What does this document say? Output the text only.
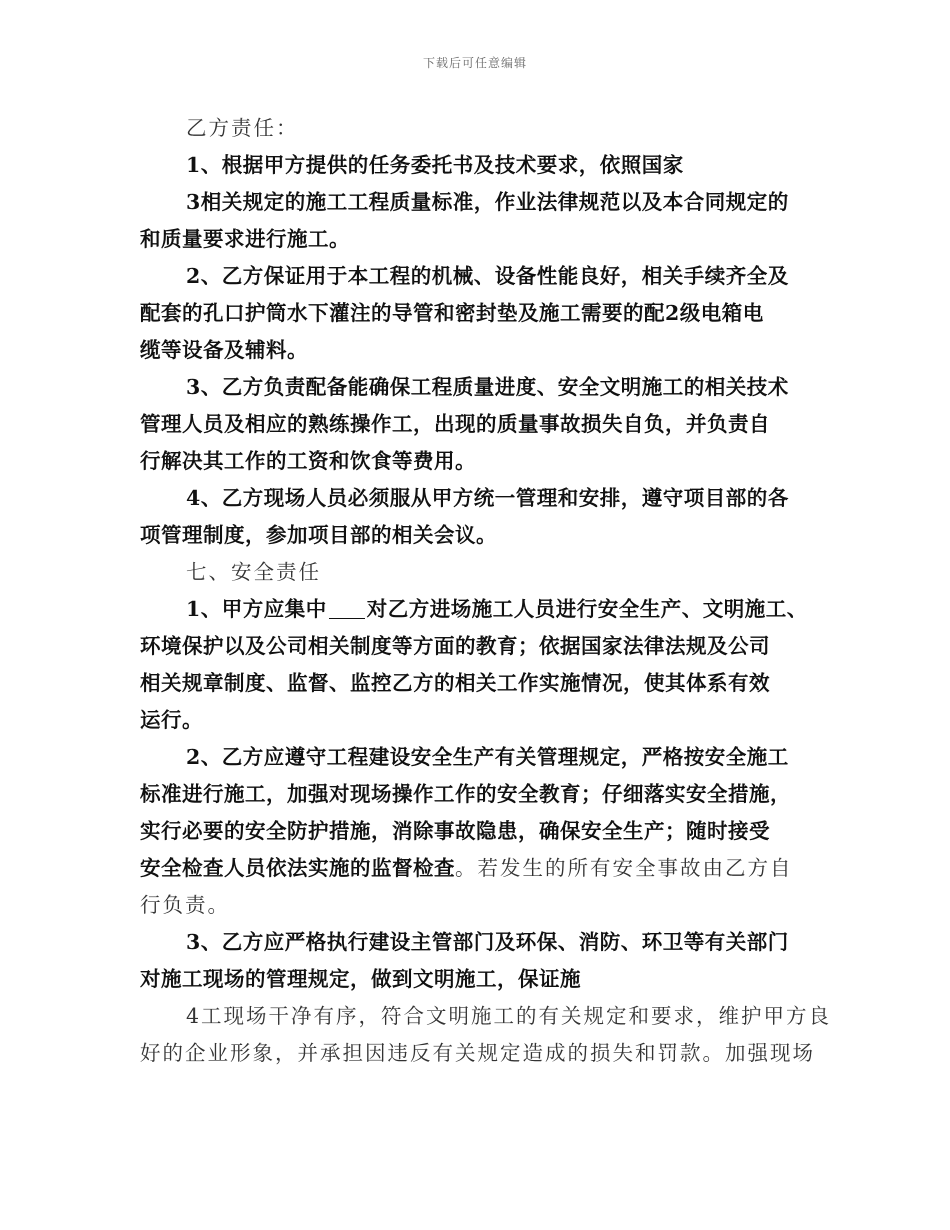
下载后可任意编辑
乙方责任：
1、根据甲方提供的任务委托书及技术要求，依照国家
3相关规定的施工工程质量标准，作业法律规范以及本合同规定的
和质量要求进行施工。
2、乙方保证用于本工程的机械、设备性能良好，相关手续齐全及
配套的孔口护筒水下灌注的导管和密封垫及施工需要的配2级电箱电
缆等设备及辅料。
3、乙方负责配备能确保工程质量进度、安全文明施工的相关技术
管理人员及相应的熟练操作工，出现的质量事故损失自负，并负责自
行解决其工作的工资和饮食等费用。
4、乙方现场人员必须服从甲方统一管理和安排，遵守项目部的各
项管理制度，参加项目部的相关会议。
七、安全责任
1、甲方应集中 对乙方进场施工人员进行安全生产、文明施工、
环境保护以及公司相关制度等方面的教育；依据国家法律法规及公司
相关规章制度、监督、监控乙方的相关工作实施情况，使其体系有效
运行。
2、乙方应遵守工程建设安全生产有关管理规定，严格按安全施工
标准进行施工，加强对现场操作工作的安全教育；仔细落实安全措施，
实行必要的安全防护措施，消除事故隐患，确保安全生产；随时接受
安全检查人员依法实施的监督检查。若发生的所有安全事故由乙方自
行负责。
3、乙方应严格执行建设主管部门及环保、消防、环卫等有关部门
对施工现场的管理规定，做到文明施工，保证施
4工现场干净有序，符合文明施工的有关规定和要求，维护甲方良
好的企业形象，并承担因违反有关规定造成的损失和罚款。加强现场
